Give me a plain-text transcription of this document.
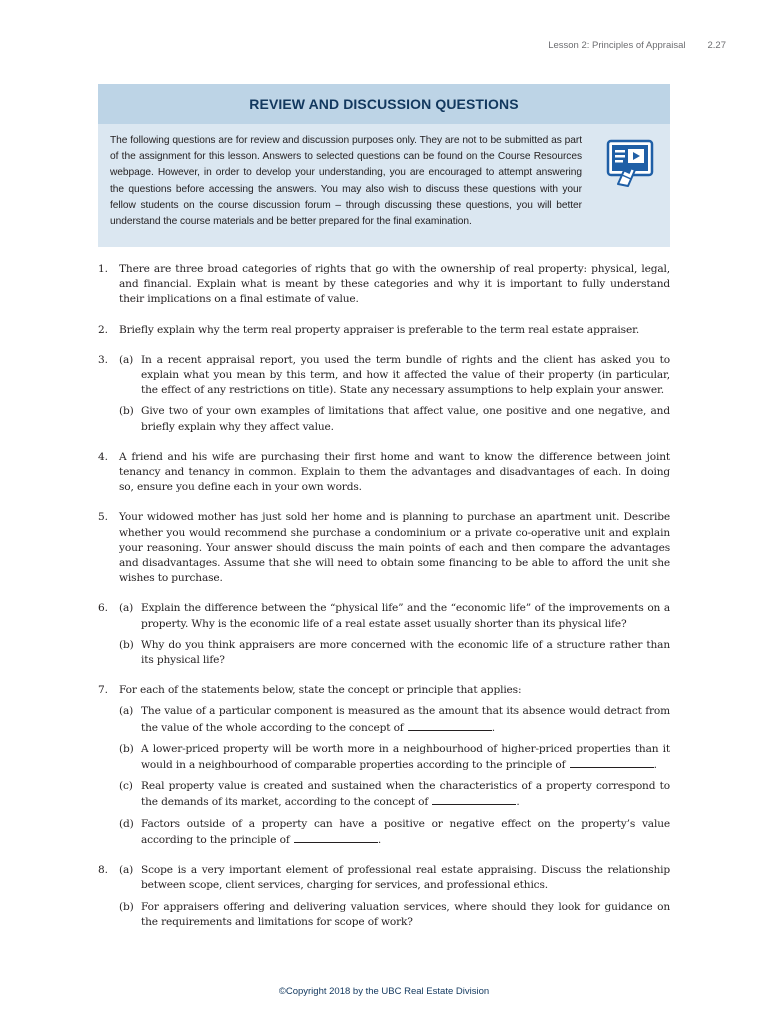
Lesson 2: Principles of Appraisal 2.27
REVIEW AND DISCUSSION QUESTIONS
The following questions are for review and discussion purposes only. They are not to be submitted as part of the assignment for this lesson. Answers to selected questions can be found on the Course Resources webpage. However, in order to develop your understanding, you are encouraged to attempt answering the questions before accessing the answers. You may also wish to discuss these questions with your fellow students on the course discussion forum – through discussing these questions, you will better understand the course materials and be better prepared for the final examination.
1.	There are three broad categories of rights that go with the ownership of real property: physical, legal, and financial. Explain what is meant by these categories and why it is important to fully understand their implications on a final estimate of value.
2.	Briefly explain why the term real property appraiser is preferable to the term real estate appraiser.
3.	(a) In a recent appraisal report, you used the term bundle of rights and the client has asked you to explain what you mean by this term, and how it affected the value of their property (in particular, the effect of any restrictions on title). State any necessary assumptions to help explain your answer.
(b) Give two of your own examples of limitations that affect value, one positive and one negative, and briefly explain why they affect value.
4.	A friend and his wife are purchasing their first home and want to know the difference between joint tenancy and tenancy in common. Explain to them the advantages and disadvantages of each. In doing so, ensure you define each in your own words.
5.	Your widowed mother has just sold her home and is planning to purchase an apartment unit. Describe whether you would recommend she purchase a condominium or a private co-operative unit and explain your reasoning. Your answer should discuss the main points of each and then compare the advantages and disadvantages. Assume that she will need to obtain some financing to be able to afford the unit she wishes to purchase.
6.	(a) Explain the difference between the “physical life” and the “economic life” of the improvements on a property. Why is the economic life of a real estate asset usually shorter than its physical life?
(b) Why do you think appraisers are more concerned with the economic life of a structure rather than its physical life?
7.	For each of the statements below, state the concept or principle that applies:
(a) The value of a particular component is measured as the amount that its absence would detract from the value of the whole according to the concept of	.
(b) A lower-priced property will be worth more in a neighbourhood of higher-priced properties than it would in a neighbourhood of comparable properties according to the principle of	.
(c) Real property value is created and sustained when the characteristics of a property correspond to the demands of its market, according to the concept of	.
(d) Factors outside of a property can have a positive or negative effect on the property’s value according to the principle of	.
8.	(a) Scope is a very important element of professional real estate appraising. Discuss the relationship between scope, client services, charging for services, and professional ethics.
(b) For appraisers offering and delivering valuation services, where should they look for guidance on the requirements and limitations for scope of work?
©Copyright 2018 by the UBC Real Estate Division
